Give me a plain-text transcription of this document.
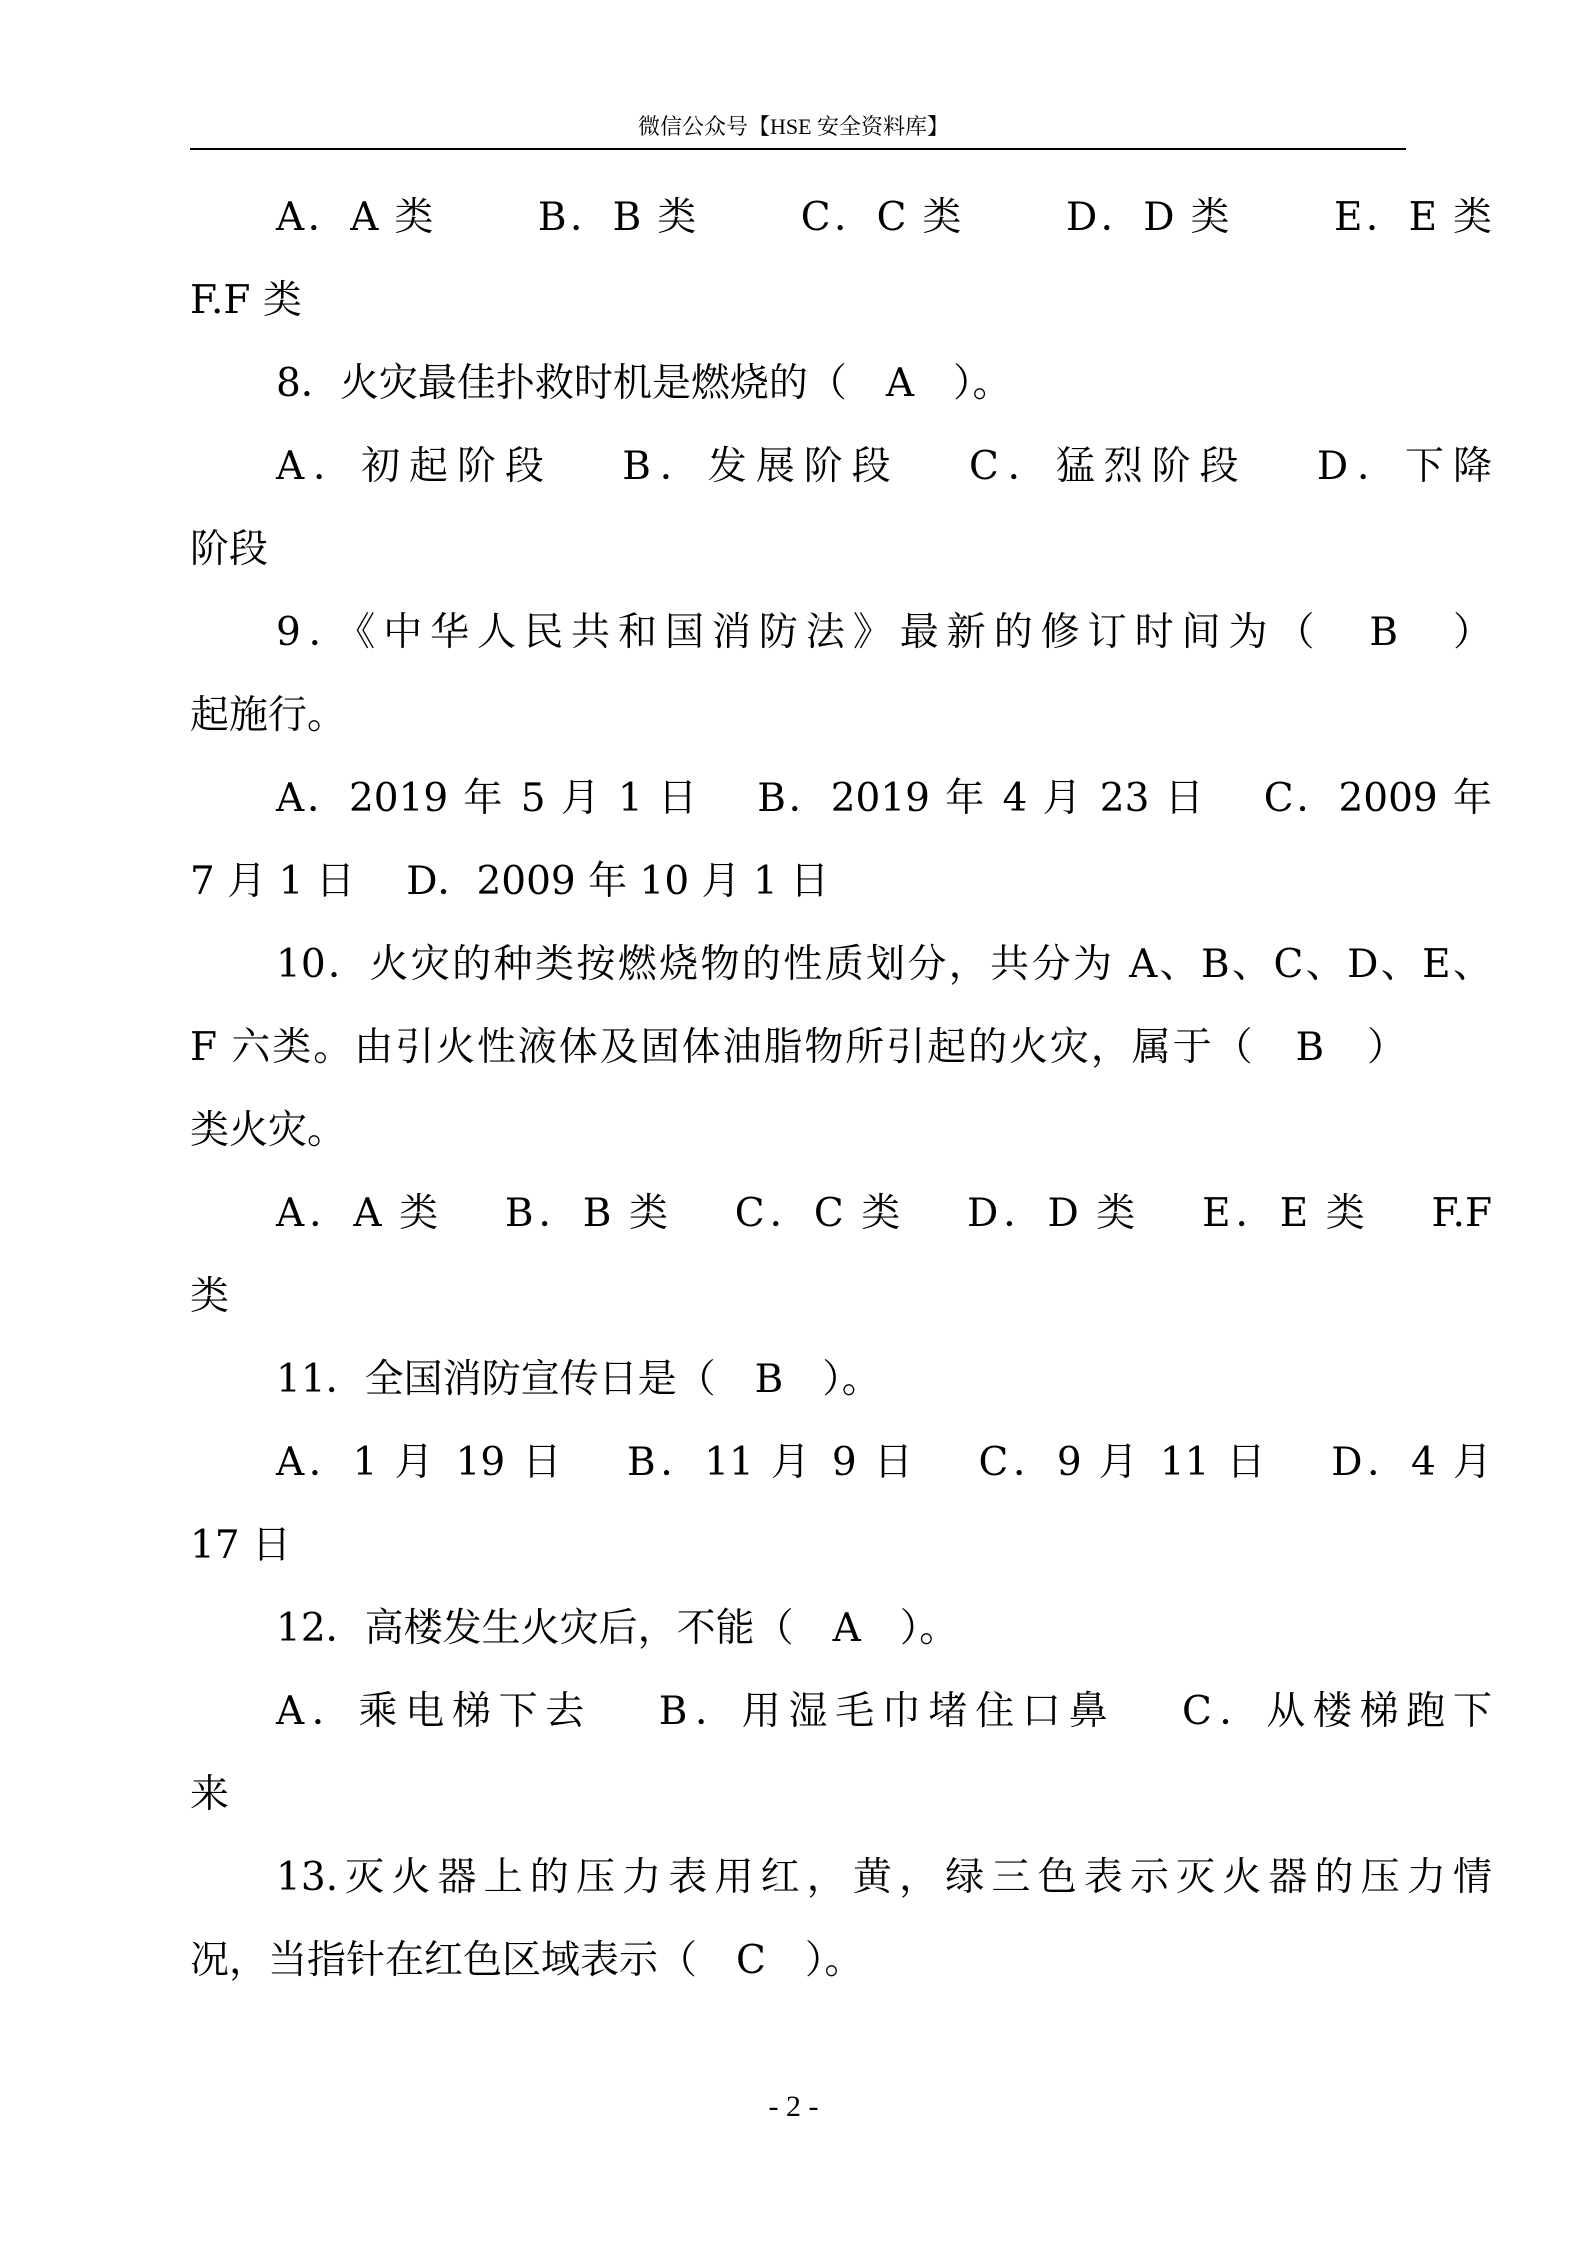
微信公众号【HSE 安全资料库】
A．A 类　　 B．B 类　　 C．C 类　　 D．D 类　　 E．E 类
F.F 类
8．火灾最佳扑救时机是燃烧的（　A　）。
A．初起阶段　 B．发展阶段　 C．猛烈阶段　 D．下降
阶段
9．《中华人民共和国消防法》最新的修订时间为（　B　）
起施行。
A．2019 年 5 月 1 日　 B．2019 年 4 月 23 日　 C．2009 年
7 月 1 日　 D．2009 年 10 月 1 日
10．火灾的种类按燃烧物的性质划分，共分为 A、B、C、D、E、
F 六类。由引火性液体及固体油脂物所引起的火灾，属于（　B　）
类火灾。
A．A 类　 B．B 类　 C．C 类　 D．D 类　 E．E 类　 F.F
类
11．全国消防宣传日是（　B　）。
A．1 月 19 日　 B．11 月 9 日　 C．9 月 11 日　 D．4 月
17 日
12．高楼发生火灾后，不能（　A　）。
A．乘电梯下去　 B．用湿毛巾堵住口鼻　 C．从楼梯跑下
来
13.灭火器上的压力表用红，黄，绿三色表示灭火器的压力情
况，当指针在红色区域表示（　C　）。
- 2 -
